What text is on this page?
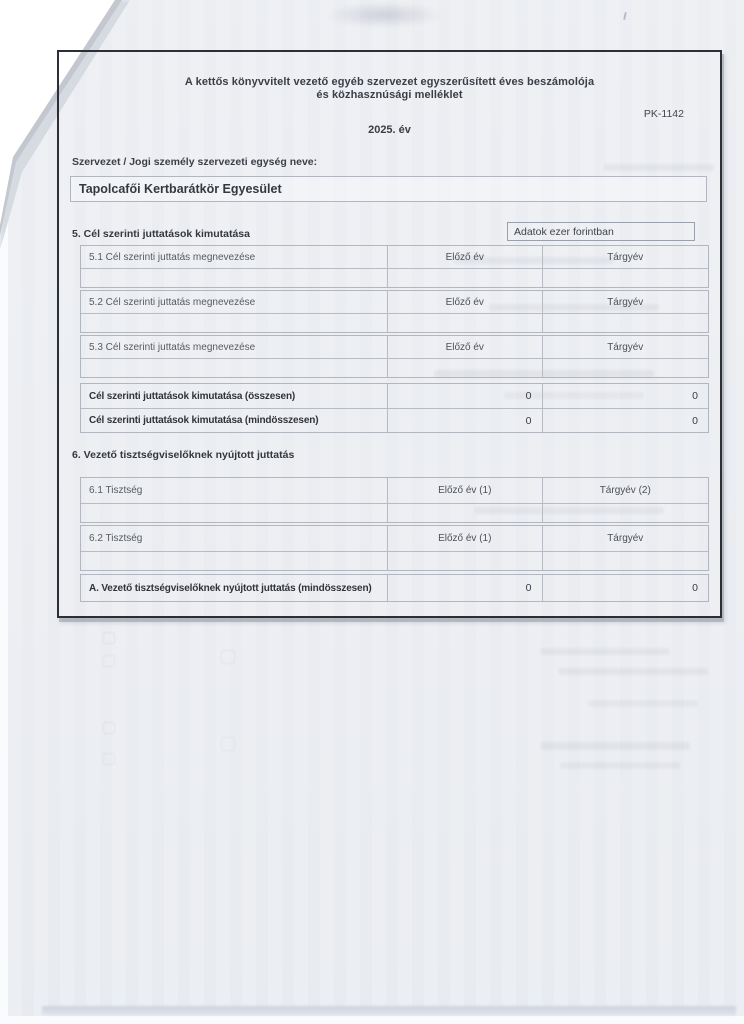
A kettős könyvvitelt vezető egyéb szervezet egyszerűsített éves beszámolója
és közhasznúsági melléklet
PK-1142
2025. év
Szervezet / Jogi személy szervezeti egység neve:
Tapolcafői Kertbarátkör Egyesület
5. Cél szerinti juttatások kimutatása	Adatok ezer forintban
5.1 Cél szerinti juttatás megnevezése	Előző év	Tárgyév
5.2 Cél szerinti juttatás megnevezése	Előző év	Tárgyév
5.3 Cél szerinti juttatás megnevezése	Előző év	Tárgyév
Cél szerinti juttatások kimutatása (összesen)	0	0
Cél szerinti juttatások kimutatása (mindösszesen)	0	0
6. Vezető tisztségviselőknek nyújtott juttatás
6.1 Tisztség	Előző év (1)	Tárgyév (2)
6.2 Tisztség	Előző év (1)	Tárgyév
A. Vezető tisztségviselőknek nyújtott juttatás (mindösszesen)	0	0
